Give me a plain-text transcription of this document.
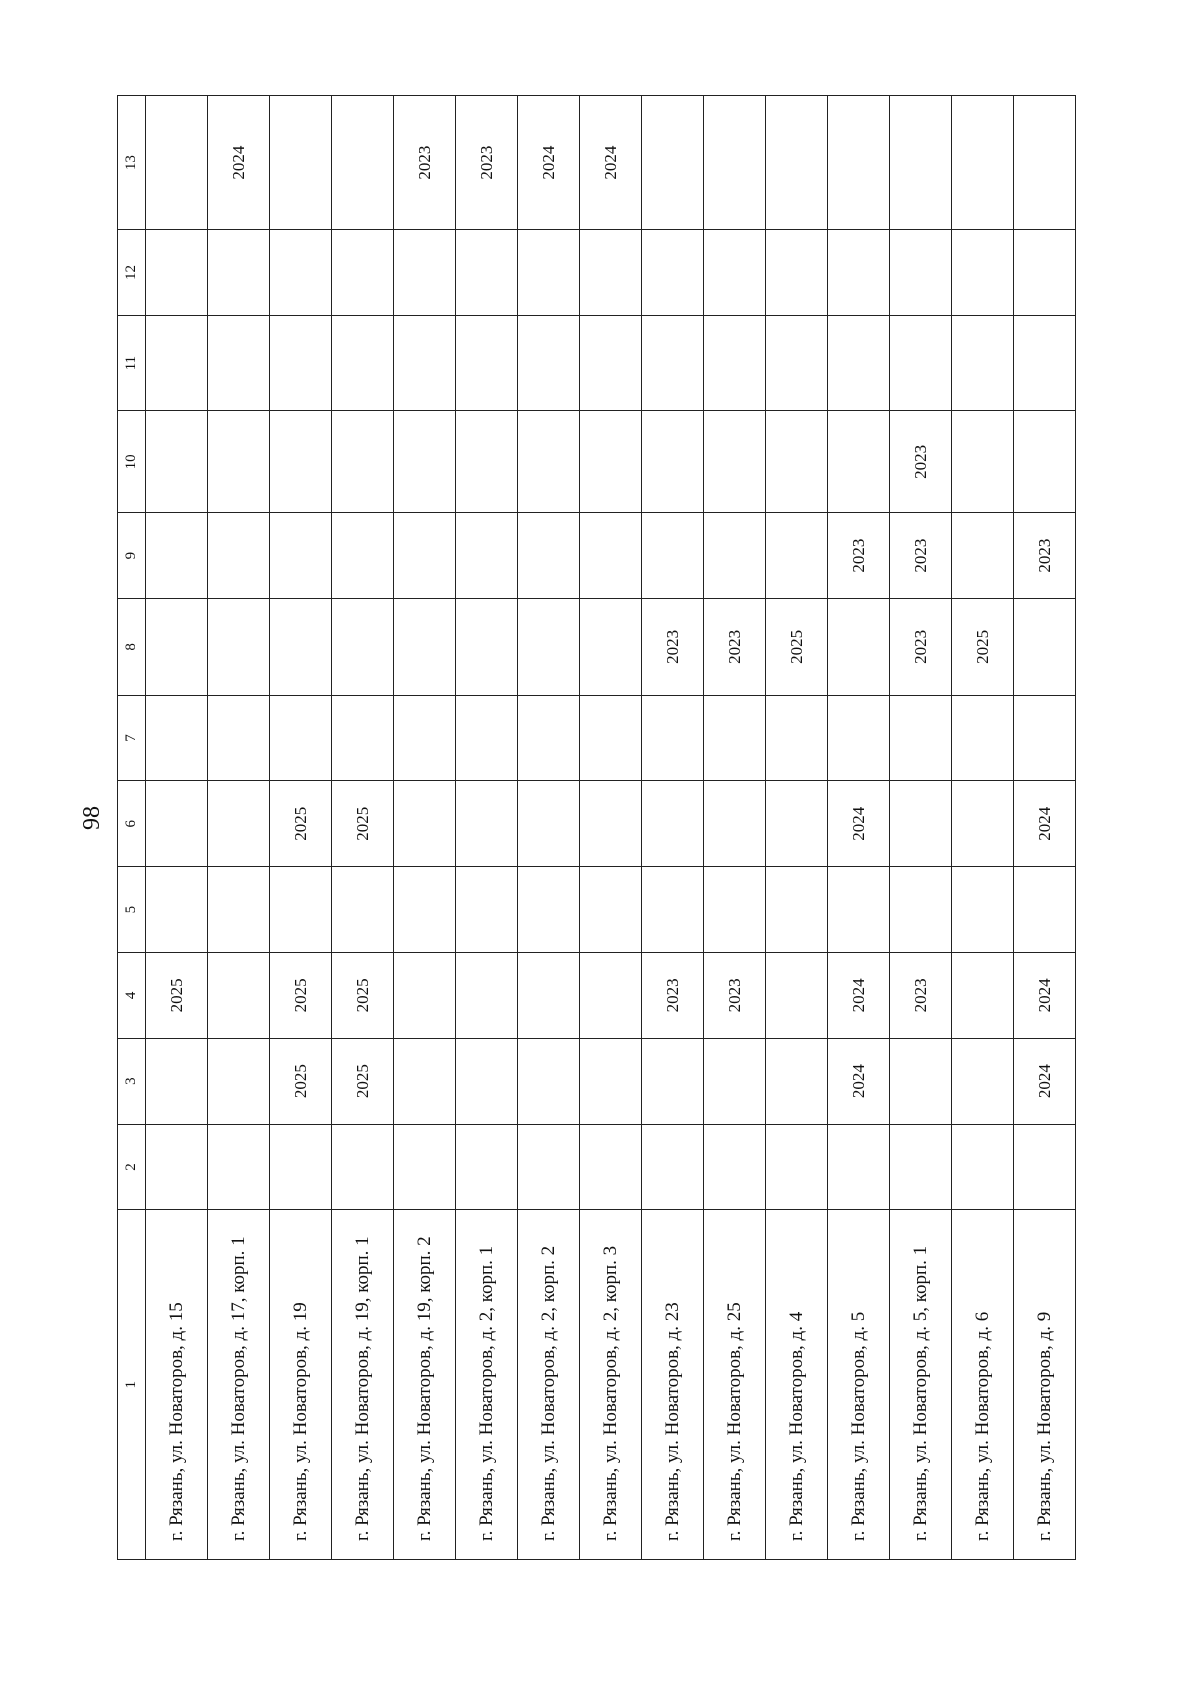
98
1	2	3	4	5	6	7	8	9	10	11	12	13
г. Рязань, ул. Новаторов, д. 15			2025									
г. Рязань, ул. Новаторов, д. 17, корп. 1												2024
г. Рязань, ул. Новаторов, д. 19		2025	2025		2025							
г. Рязань, ул. Новаторов, д. 19, корп. 1		2025	2025		2025							
г. Рязань, ул. Новаторов, д. 19, корп. 2												2023
г. Рязань, ул. Новаторов, д. 2, корп. 1												2023
г. Рязань, ул. Новаторов, д. 2, корп. 2												2024
г. Рязань, ул. Новаторов, д. 2, корп. 3												2024
г. Рязань, ул. Новаторов, д. 23			2023				2023					
г. Рязань, ул. Новаторов, д. 25			2023				2023					
г. Рязань, ул. Новаторов, д. 4							2025					
г. Рязань, ул. Новаторов, д. 5		2024	2024		2024			2023				
г. Рязань, ул. Новаторов, д. 5, корп. 1			2023				2023	2023	2023			
г. Рязань, ул. Новаторов, д. 6							2025					
г. Рязань, ул. Новаторов, д. 9		2024	2024		2024			2023				
